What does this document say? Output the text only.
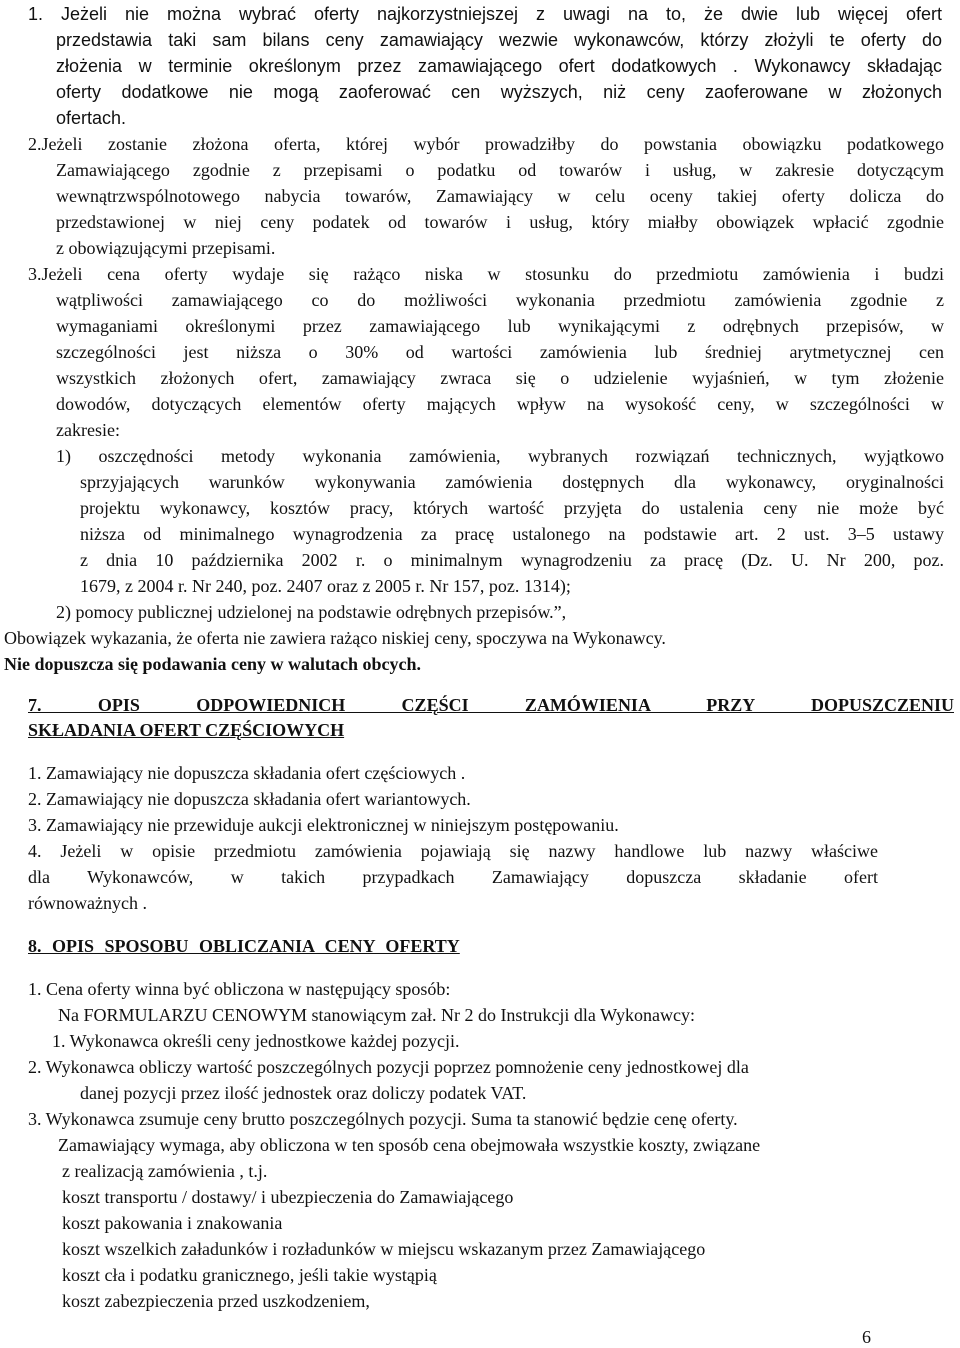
1. Jeżeli nie można wybrać oferty najkorzystniejszej z uwagi na to, że dwie lub więcej ofert
przedstawia taki sam bilans ceny zamawiający wezwie wykonawców, którzy złożyli te oferty do
złożenia w terminie określonym przez zamawiającego ofert dodatkowych . Wykonawcy składając
oferty dodatkowe nie mogą zaoferować cen wyższych, niż ceny zaoferowane w złożonych
ofertach.
2.Jeżeli zostanie złożona oferta, której wybór prowadziłby do powstania obowiązku podatkowego
Zamawiającego zgodnie z przepisami o podatku od towarów i usług, w zakresie dotyczącym
wewnątrzwspólnotowego nabycia towarów, Zamawiający w celu oceny takiej oferty dolicza do
przedstawionej w niej ceny podatek od towarów i usług, który miałby obowiązek wpłacić zgodnie
z obowiązującymi przepisami.
3.Jeżeli cena oferty wydaje się rażąco niska w stosunku do przedmiotu zamówienia i budzi
wątpliwości zamawiającego co do możliwości wykonania przedmiotu zamówienia zgodnie z
wymaganiami określonymi przez zamawiającego lub wynikającymi z odrębnych przepisów, w
szczególności jest niższa o 30% od wartości zamówienia lub średniej arytmetycznej cen
wszystkich złożonych ofert, zamawiający zwraca się o udzielenie wyjaśnień, w tym złożenie
dowodów, dotyczących elementów oferty mających wpływ na wysokość ceny, w szczególności w
zakresie:
1) oszczędności metody wykonania zamówienia, wybranych rozwiązań technicznych, wyjątkowo
sprzyjających warunków wykonywania zamówienia dostępnych dla wykonawcy, oryginalności
projektu wykonawcy, kosztów pracy, których wartość przyjęta do ustalenia ceny nie może być
niższa od minimalnego wynagrodzenia za pracę ustalonego na podstawie art. 2 ust. 3–5 ustawy
z dnia 10 października 2002 r. o minimalnym wynagrodzeniu za pracę (Dz. U. Nr 200, poz.
1679, z 2004 r. Nr 240, poz. 2407 oraz z 2005 r. Nr 157, poz. 1314);
2) pomocy publicznej udzielonej na podstawie odrębnych przepisów.”,
Obowiązek wykazania, że oferta nie zawiera rażąco niskiej ceny, spoczywa na Wykonawcy.
Nie dopuszcza się podawania ceny w walutach obcych.
7. OPIS ODPOWIEDNICH CZĘŚCI ZAMÓWIENIA PRZY DOPUSZCZENIU
SKŁADANIA OFERT CZĘŚCIOWYCH
1. Zamawiający nie dopuszcza składania ofert częściowych .
2. Zamawiający nie dopuszcza składania ofert wariantowych.
3. Zamawiający nie przewiduje aukcji elektronicznej w niniejszym postępowaniu.
4. Jeżeli w opisie przedmiotu zamówienia pojawiają się nazwy handlowe lub nazwy właściwe
dla Wykonawców, w takich przypadkach Zamawiający dopuszcza składanie ofert
równoważnych .
8. OPIS SPOSOBU OBLICZANIA CENY OFERTY
1. Cena oferty winna być obliczona w następujący sposób:
Na FORMULARZU CENOWYM stanowiącym zał. Nr 2 do Instrukcji dla Wykonawcy:
1. Wykonawca określi ceny jednostkowe każdej pozycji.
2. Wykonawca obliczy wartość poszczególnych pozycji poprzez pomnożenie ceny jednostkowej dla
danej pozycji przez ilość jednostek oraz doliczy podatek VAT.
3. Wykonawca zsumuje ceny brutto poszczególnych pozycji. Suma ta stanowić będzie cenę oferty.
Zamawiający wymaga, aby obliczona w ten sposób cena obejmowała wszystkie koszty, związane
z realizacją zamówienia , t.j.
koszt transportu / dostawy/ i ubezpieczenia do Zamawiającego
koszt pakowania i znakowania
koszt wszelkich załadunków i rozładunków w miejscu wskazanym przez Zamawiającego
koszt cła i podatku granicznego, jeśli takie wystąpią
koszt zabezpieczenia przed uszkodzeniem,
6
